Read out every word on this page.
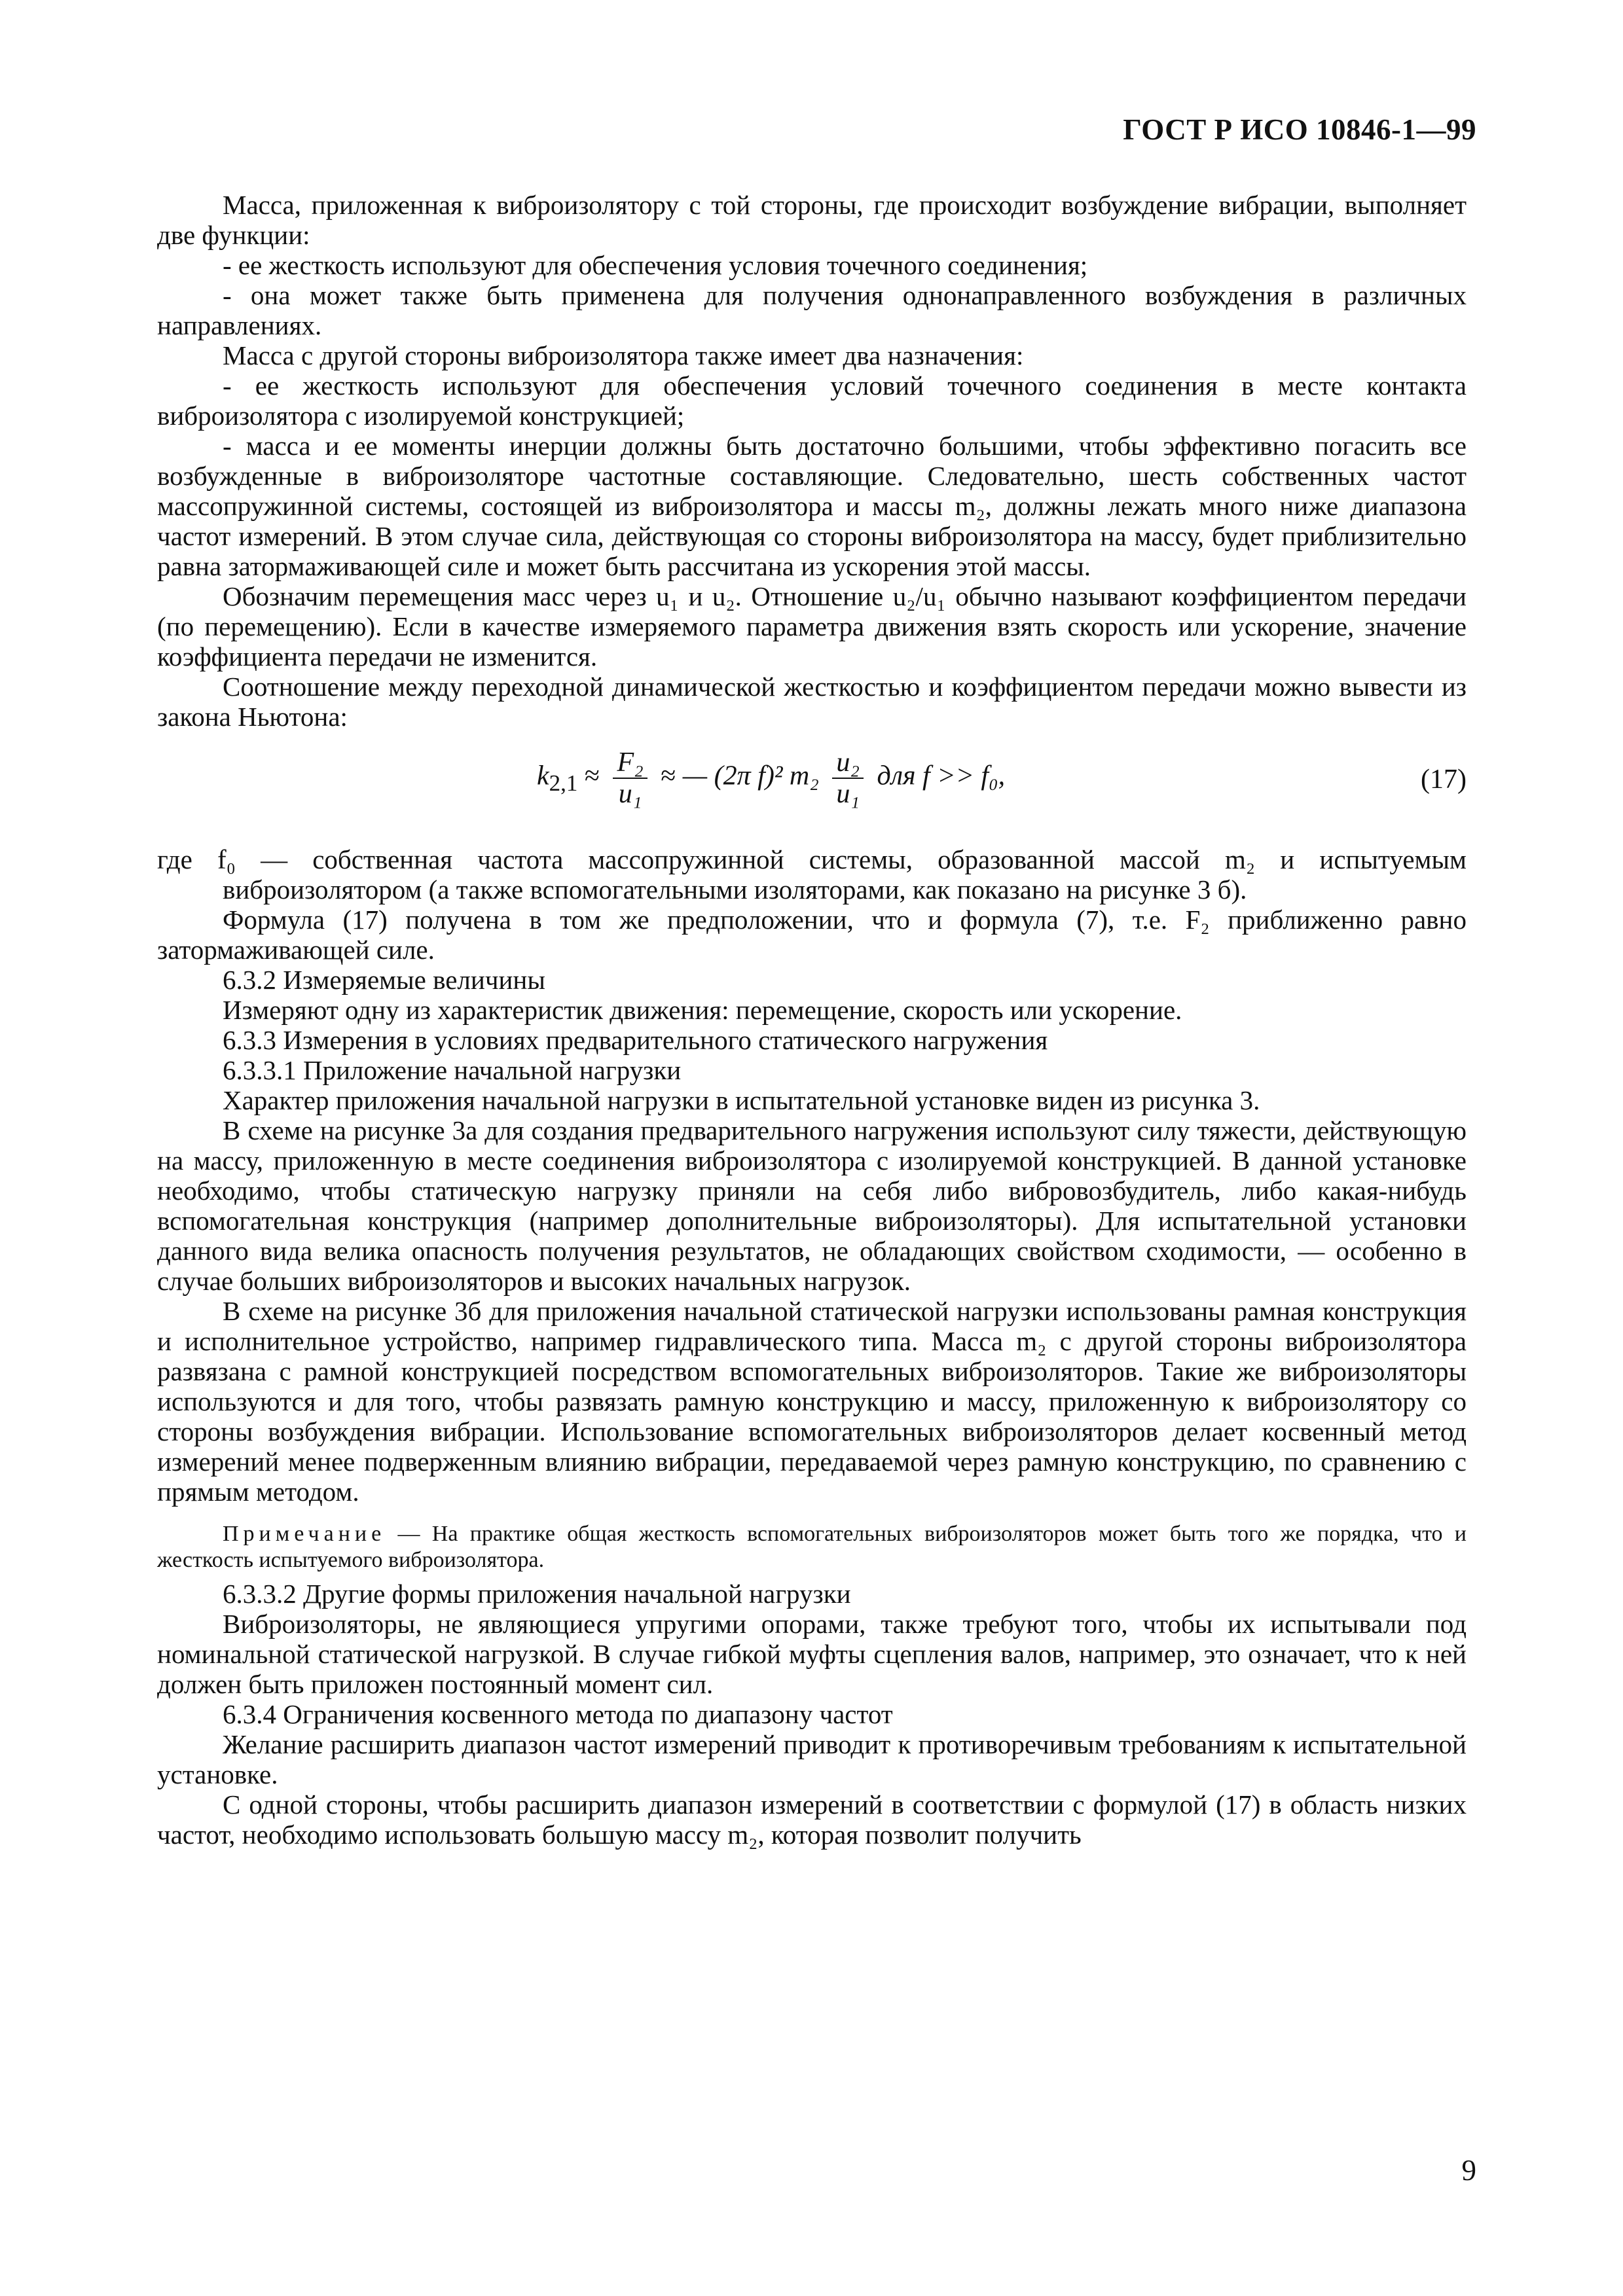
ГОСТ Р ИСО 10846-1—99

Масса, приложенная к виброизолятору с той стороны, где происходит возбуждение вибрации, выполняет две функции:

- ее жесткость используют для обеспечения условия точечного соединения;

- она может также быть применена для получения однонаправленного возбуждения в различных направлениях.

Масса с другой стороны виброизолятора также имеет два назначения:

- ее жесткость используют для обеспечения условий точечного соединения в месте контакта виброизолятора с изолируемой конструкцией;

- масса и ее моменты инерции должны быть достаточно большими, чтобы эффективно погасить все возбужденные в виброизоляторе частотные составляющие. Следовательно, шесть собственных частот массопружинной системы, состоящей из виброизолятора и массы m₂, должны лежать много ниже диапазона частот измерений. В этом случае сила, действующая со стороны виброизолятора на массу, будет приблизительно равна затормаживающей силе и может быть рассчитана из ускорения этой массы.

Обозначим перемещения масс через u₁ и u₂. Отношение u₂/u₁ обычно называют коэффициентом передачи (по перемещению). Если в качестве измеряемого параметра движения взять скорость или ускорение, значение коэффициента передачи не изменится.

Соотношение между переходной динамической жесткостью и коэффициентом передачи можно вывести из закона Ньютона:

$k_{2,1} \approx \frac{\text{F₂}}{\text{u₁}}$ ≈ — (2π f)² $m_2 \frac{\text{u₂}}{\text{u₁}}$ для f >> f₀,	(17)

где f₀ — собственная частота массопружинной системы, образованной массой m₂ и испытуемым виброизолятором (а также вспомогательными изоляторами, как показано на рисунке 3 б).

Формула (17) получена в том же предположении, что и формула (7), т.е. F₂ приближенно равно затормаживающей силе.

6.3.2 Измеряемые величины

Измеряют одну из характеристик движения: перемещение, скорость или ускорение.

6.3.3 Измерения в условиях предварительного статического нагружения

6.3.3.1 Приложение начальной нагрузки

Характер приложения начальной нагрузки в испытательной установке виден из рисунка 3.

В схеме на рисунке 3а для создания предварительного нагружения используют силу тяжести, действующую на массу, приложенную в месте соединения виброизолятора с изолируемой конструкцией. В данной установке необходимо, чтобы статическую нагрузку приняли на себя либо вибровозбудитель, либо какая-нибудь вспомогательная конструкция (например дополнительные виброизоляторы). Для испытательной установки данного вида велика опасность получения результатов, не обладающих свойством сходимости, — особенно в случае больших виброизоляторов и высоких начальных нагрузок.

В схеме на рисунке 3б для приложения начальной статической нагрузки использованы рамная конструкция и исполнительное устройство, например гидравлического типа. Масса m₂ с другой стороны виброизолятора развязана с рамной конструкцией посредством вспомогательных виброизоляторов. Такие же виброизоляторы используются и для того, чтобы развязать рамную конструкцию и массу, приложенную к виброизолятору со стороны возбуждения вибрации. Использование вспомогательных виброизоляторов делает косвенный метод измерений менее подверженным влиянию вибрации, передаваемой через рамную конструкцию, по сравнению с прямым методом.

Примечание — На практике общая жесткость вспомогательных виброизоляторов может быть того же порядка, что и жесткость испытуемого виброизолятора.

6.3.3.2 Другие формы приложения начальной нагрузки

Виброизоляторы, не являющиеся упругими опорами, также требуют того, чтобы их испытывали под номинальной статической нагрузкой. В случае гибкой муфты сцепления валов, например, это означает, что к ней должен быть приложен постоянный момент сил.

6.3.4 Ограничения косвенного метода по диапазону частот

Желание расширить диапазон частот измерений приводит к противоречивым требованиям к испытательной установке.

С одной стороны, чтобы расширить диапазон измерений в соответствии с формулой (17) в область низких частот, необходимо использовать большую массу m₂, которая позволит получить

9
